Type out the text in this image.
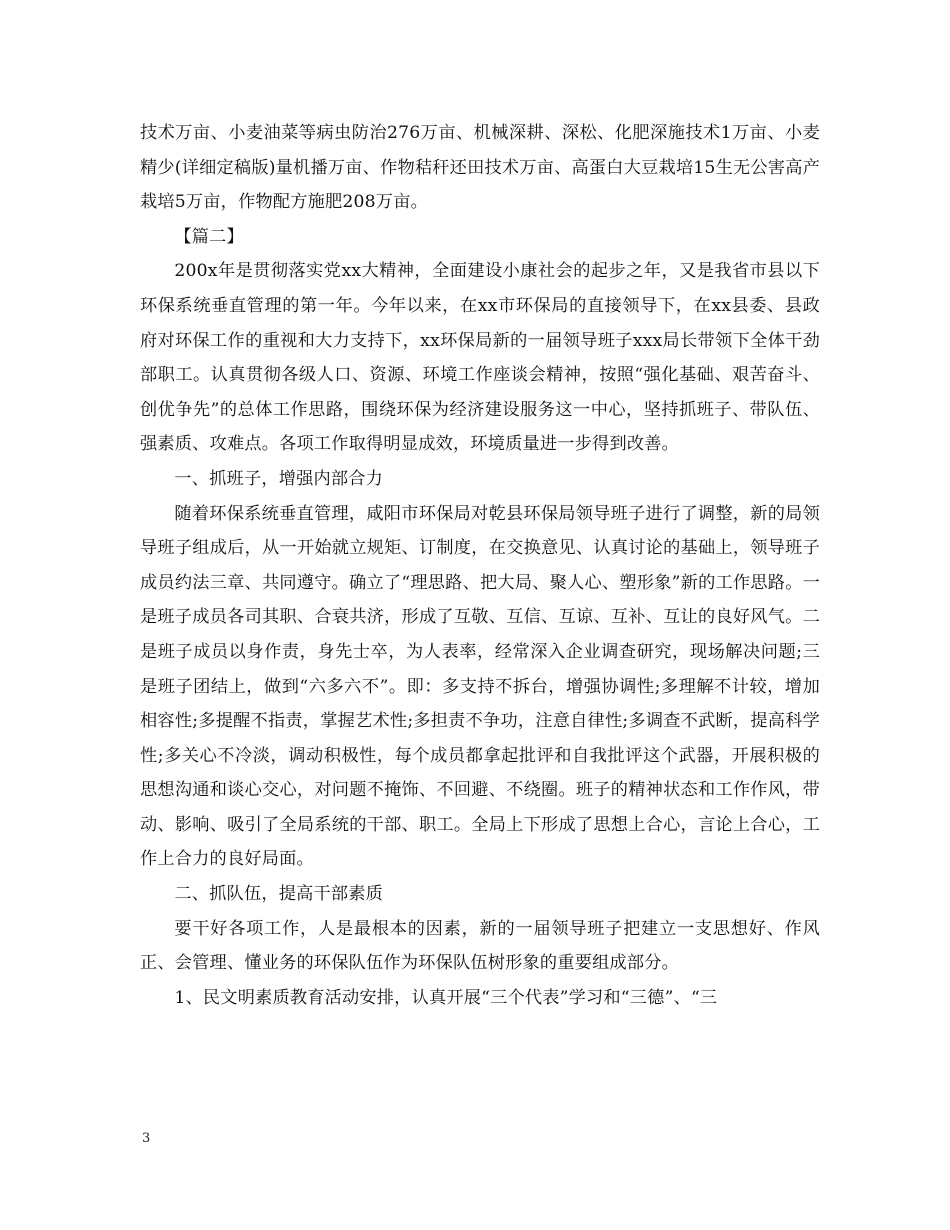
技术万亩、小麦油菜等病虫防治276万亩、机械深耕、深松、化肥深施技术1万亩、小麦精少(详细定稿版)量机播万亩、作物秸秆还田技术万亩、高蛋白大豆栽培15生无公害高产栽培5万亩，作物配方施肥208万亩。

【篇二】

200x年是贯彻落实党xx大精神，全面建设小康社会的起步之年，又是我省市县以下环保系统垂直管理的第一年。今年以来，在xx市环保局的直接领导下，在xx县委、县政府对环保工作的重视和大力支持下，xx环保局新的一届领导班子xxx局长带领下全体干劲部职工。认真贯彻各级人口、资源、环境工作座谈会精神，按照“强化基础、艰苦奋斗、创优争先”的总体工作思路，围绕环保为经济建设服务这一中心，坚持抓班子、带队伍、强素质、攻难点。各项工作取得明显成效，环境质量进一步得到改善。

一、抓班子，增强内部合力

随着环保系统垂直管理，咸阳市环保局对乾县环保局领导班子进行了调整，新的局领导班子组成后，从一开始就立规矩、订制度，在交换意见、认真讨论的基础上，领导班子成员约法三章、共同遵守。确立了“理思路、把大局、聚人心、塑形象”新的工作思路。一是班子成员各司其职、合衰共济，形成了互敬、互信、互谅、互补、互让的良好风气。二是班子成员以身作责，身先士卒，为人表率，经常深入企业调查研究，现场解决问题;三是班子团结上，做到“六多六不”。即：多支持不拆台，增强协调性;多理解不计较，增加相容性;多提醒不指责，掌握艺术性;多担责不争功，注意自律性;多调查不武断，提高科学性;多关心不冷淡，调动积极性，每个成员都拿起批评和自我批评这个武器，开展积极的思想沟通和谈心交心，对问题不掩饰、不回避、不绕圈。班子的精神状态和工作作风，带动、影响、吸引了全局系统的干部、职工。全局上下形成了思想上合心，言论上合心，工作上合力的良好局面。

二、抓队伍，提高干部素质

要干好各项工作，人是最根本的因素，新的一届领导班子把建立一支思想好、作风正、会管理、懂业务的环保队伍作为环保队伍树形象的重要组成部分。

1、民文明素质教育活动安排，认真开展“三个代表”学习和“三德”、“三

3
